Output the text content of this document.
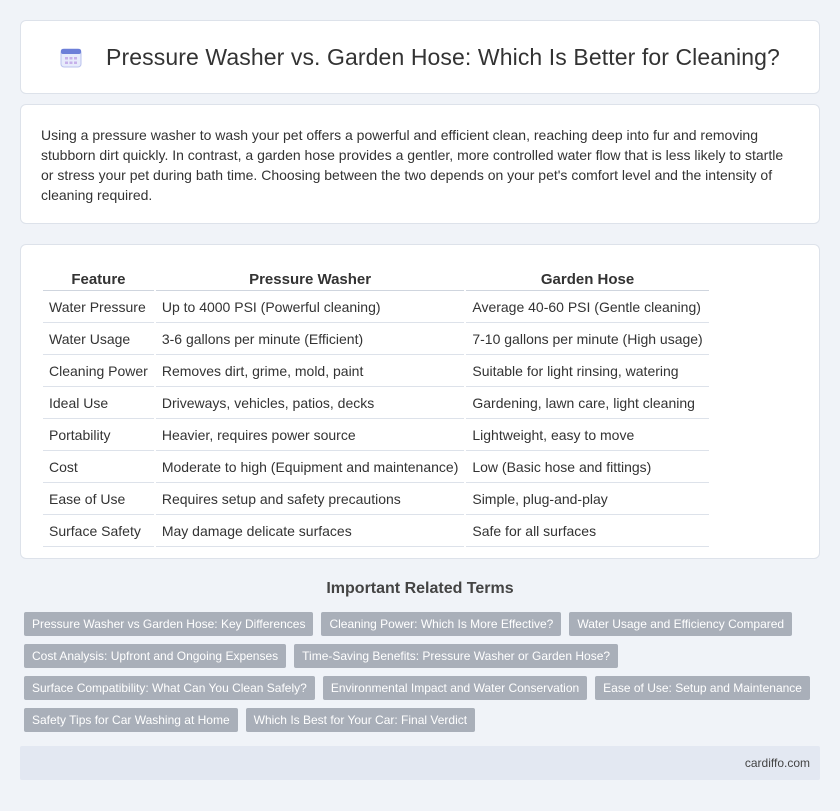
Pressure Washer vs. Garden Hose: Which Is Better for Cleaning?

Using a pressure washer to wash your pet offers a powerful and efficient clean, reaching deep into fur and removing stubborn dirt quickly. In contrast, a garden hose provides a gentler, more controlled water flow that is less likely to startle or stress your pet during bath time. Choosing between the two depends on your pet's comfort level and the intensity of cleaning required.

Feature	Pressure Washer	Garden Hose
Water Pressure	Up to 4000 PSI (Powerful cleaning)	Average 40-60 PSI (Gentle cleaning)
Water Usage	3-6 gallons per minute (Efficient)	7-10 gallons per minute (High usage)
Cleaning Power	Removes dirt, grime, mold, paint	Suitable for light rinsing, watering
Ideal Use	Driveways, vehicles, patios, decks	Gardening, lawn care, light cleaning
Portability	Heavier, requires power source	Lightweight, easy to move
Cost	Moderate to high (Equipment and maintenance)	Low (Basic hose and fittings)
Ease of Use	Requires setup and safety precautions	Simple, plug-and-play
Surface Safety	May damage delicate surfaces	Safe for all surfaces
Important Related Terms
Pressure Washer vs Garden Hose: Key Differences	Cleaning Power: Which Is More Effective?	Water Usage and Efficiency Compared
Cost Analysis: Upfront and Ongoing Expenses	Time-Saving Benefits: Pressure Washer or Garden Hose?
Surface Compatibility: What Can You Clean Safely?	Environmental Impact and Water Conservation	Ease of Use: Setup and Maintenance
Safety Tips for Car Washing at Home	Which Is Best for Your Car: Final Verdict
cardiffo.com
